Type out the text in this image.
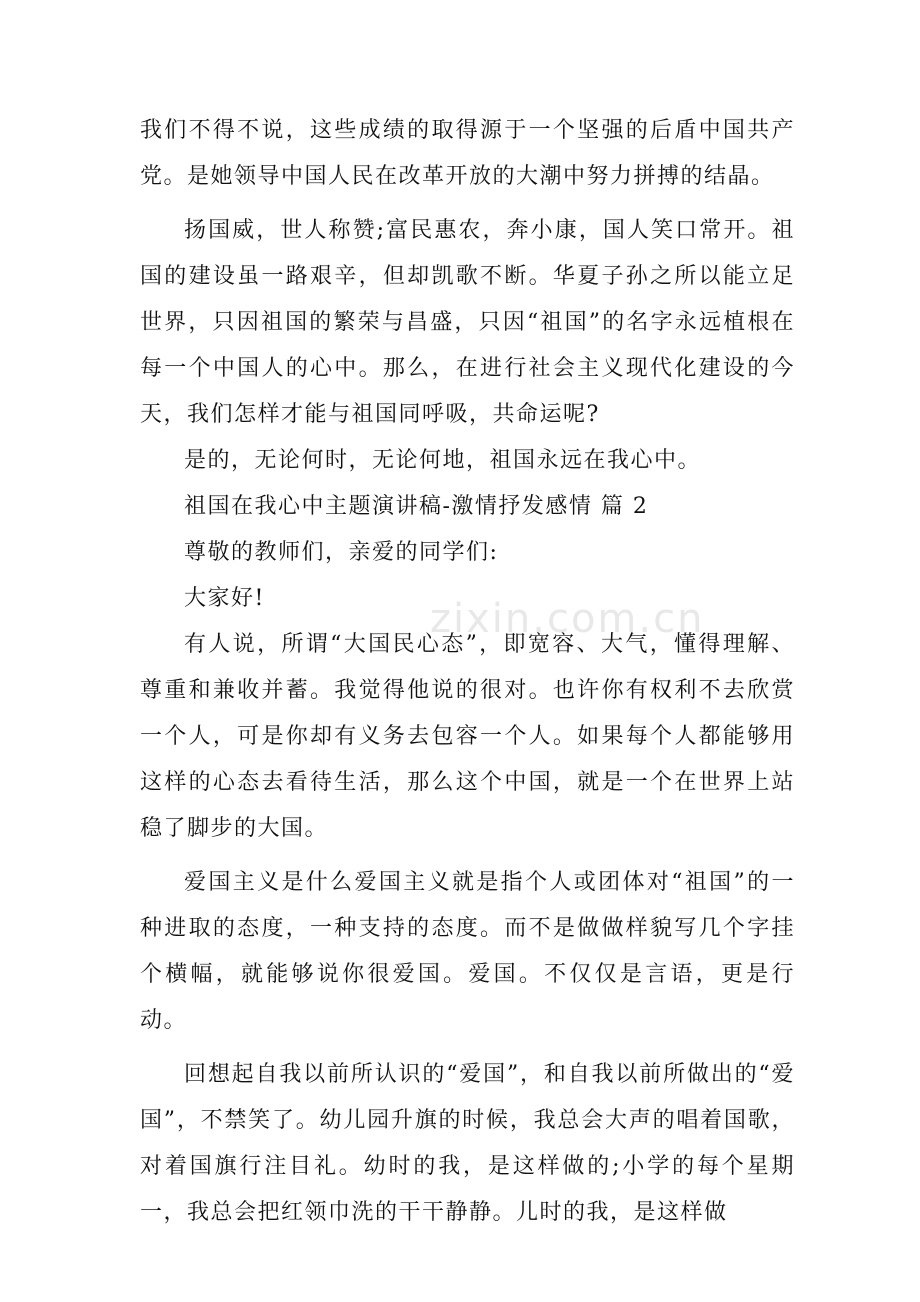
我们不得不说，这些成绩的取得源于一个坚强的后盾中国共产党。是她领导中国人民在改革开放的大潮中努力拼搏的结晶。

扬国威，世人称赞;富民惠农，奔小康，国人笑口常开。祖国的建设虽一路艰辛，但却凯歌不断。华夏子孙之所以能立足世界，只因祖国的繁荣与昌盛，只因“祖国”的名字永远植根在每一个中国人的心中。那么，在进行社会主义现代化建设的今天，我们怎样才能与祖国同呼吸，共命运呢?

是的，无论何时，无论何地，祖国永远在我心中。

祖国在我心中主题演讲稿-激情抒发感情 篇 2

尊敬的教师们，亲爱的同学们:

大家好!

有人说，所谓“大国民心态”，即宽容、大气，懂得理解、尊重和兼收并蓄。我觉得他说的很对。也许你有权利不去欣赏一个人，可是你却有义务去包容一个人。如果每个人都能够用这样的心态去看待生活，那么这个中国，就是一个在世界上站稳了脚步的大国。

爱国主义是什么爱国主义就是指个人或团体对“祖国”的一种进取的态度，一种支持的态度。而不是做做样貌写几个字挂个横幅，就能够说你很爱国。爱国。不仅仅是言语，更是行动。

回想起自我以前所认识的“爱国”，和自我以前所做出的“爱国”，不禁笑了。幼儿园升旗的时候，我总会大声的唱着国歌，对着国旗行注目礼。幼时的我，是这样做的;小学的每个星期一，我总会把红领巾洗的干干静静。儿时的我，是这样做

zixin.com.cn
